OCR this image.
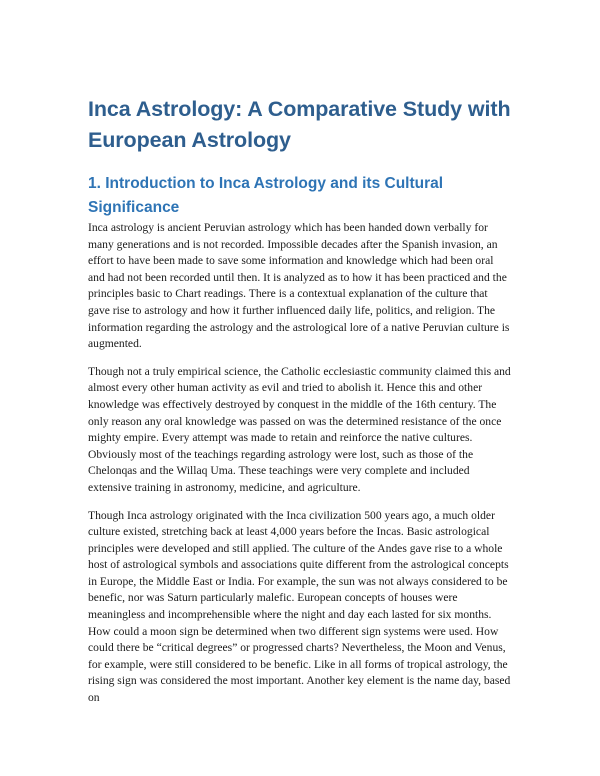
Inca Astrology: A Comparative Study with European Astrology
1. Introduction to Inca Astrology and its Cultural Significance

Inca astrology is ancient Peruvian astrology which has been handed down verbally for many generations and is not recorded. Impossible decades after the Spanish invasion, an effort to have been made to save some information and knowledge which had been oral and had not been recorded until then. It is analyzed as to how it has been practiced and the principles basic to Chart readings. There is a contextual explanation of the culture that gave rise to astrology and how it further influenced daily life, politics, and religion. The information regarding the astrology and the astrological lore of a native Peruvian culture is augmented.

Though not a truly empirical science, the Catholic ecclesiastic community claimed this and almost every other human activity as evil and tried to abolish it. Hence this and other knowledge was effectively destroyed by conquest in the middle of the 16th century. The only reason any oral knowledge was passed on was the determined resistance of the once mighty empire. Every attempt was made to retain and reinforce the native cultures. Obviously most of the teachings regarding astrology were lost, such as those of the Chelonqas and the Willaq Uma. These teachings were very complete and included extensive training in astronomy, medicine, and agriculture.

Though Inca astrology originated with the Inca civilization 500 years ago, a much older culture existed, stretching back at least 4,000 years before the Incas. Basic astrological principles were developed and still applied. The culture of the Andes gave rise to a whole host of astrological symbols and associations quite different from the astrological concepts in Europe, the Middle East or India. For example, the sun was not always considered to be benefic, nor was Saturn particularly malefic. European concepts of houses were meaningless and incomprehensible where the night and day each lasted for six months. How could a moon sign be determined when two different sign systems were used. How could there be “critical degrees” or progressed charts? Nevertheless, the Moon and Venus, for example, were still considered to be benefic. Like in all forms of tropical astrology, the rising sign was considered the most important. Another key element is the name day, based on
